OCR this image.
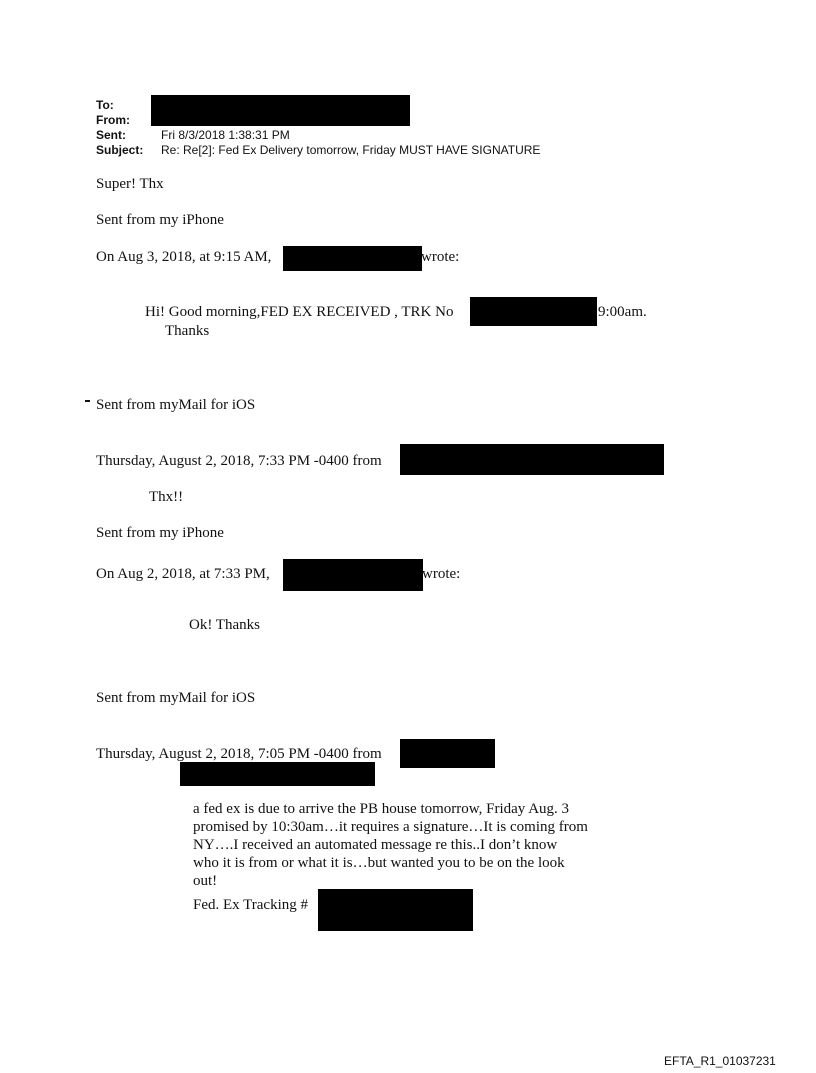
To:
From:
Sent:	Fri 8/3/2018 1:38:31 PM
Subject: Re: Re[2]: Fed Ex Delivery tomorrow, Friday MUST HAVE SIGNATURE
Super! Thx
Sent from my iPhone
On Aug 3, 2018, at 9:15 AM,	wrote:
Hi! Good morning,FED EX RECEIVED , TRK No	9:00am.
Thanks
Sent from myMail for iOS
Thursday, August 2, 2018, 7:33 PM -0400 from
Thx!!
Sent from my iPhone
On Aug 2, 2018, at 7:33 PM,	wrote:
Ok! Thanks
Sent from myMail for iOS
Thursday, August 2, 2018, 7:05 PM -0400 from
a fed ex is due to arrive the PB house tomorrow, Friday Aug. 3
promised by 10:30am…it requires a signature…It is coming from
NY….I received an automated message re this..I don’t know
who it is from or what it is…but wanted you to be on the look
out!
Fed. Ex Tracking #
EFTA_R1_01037231
